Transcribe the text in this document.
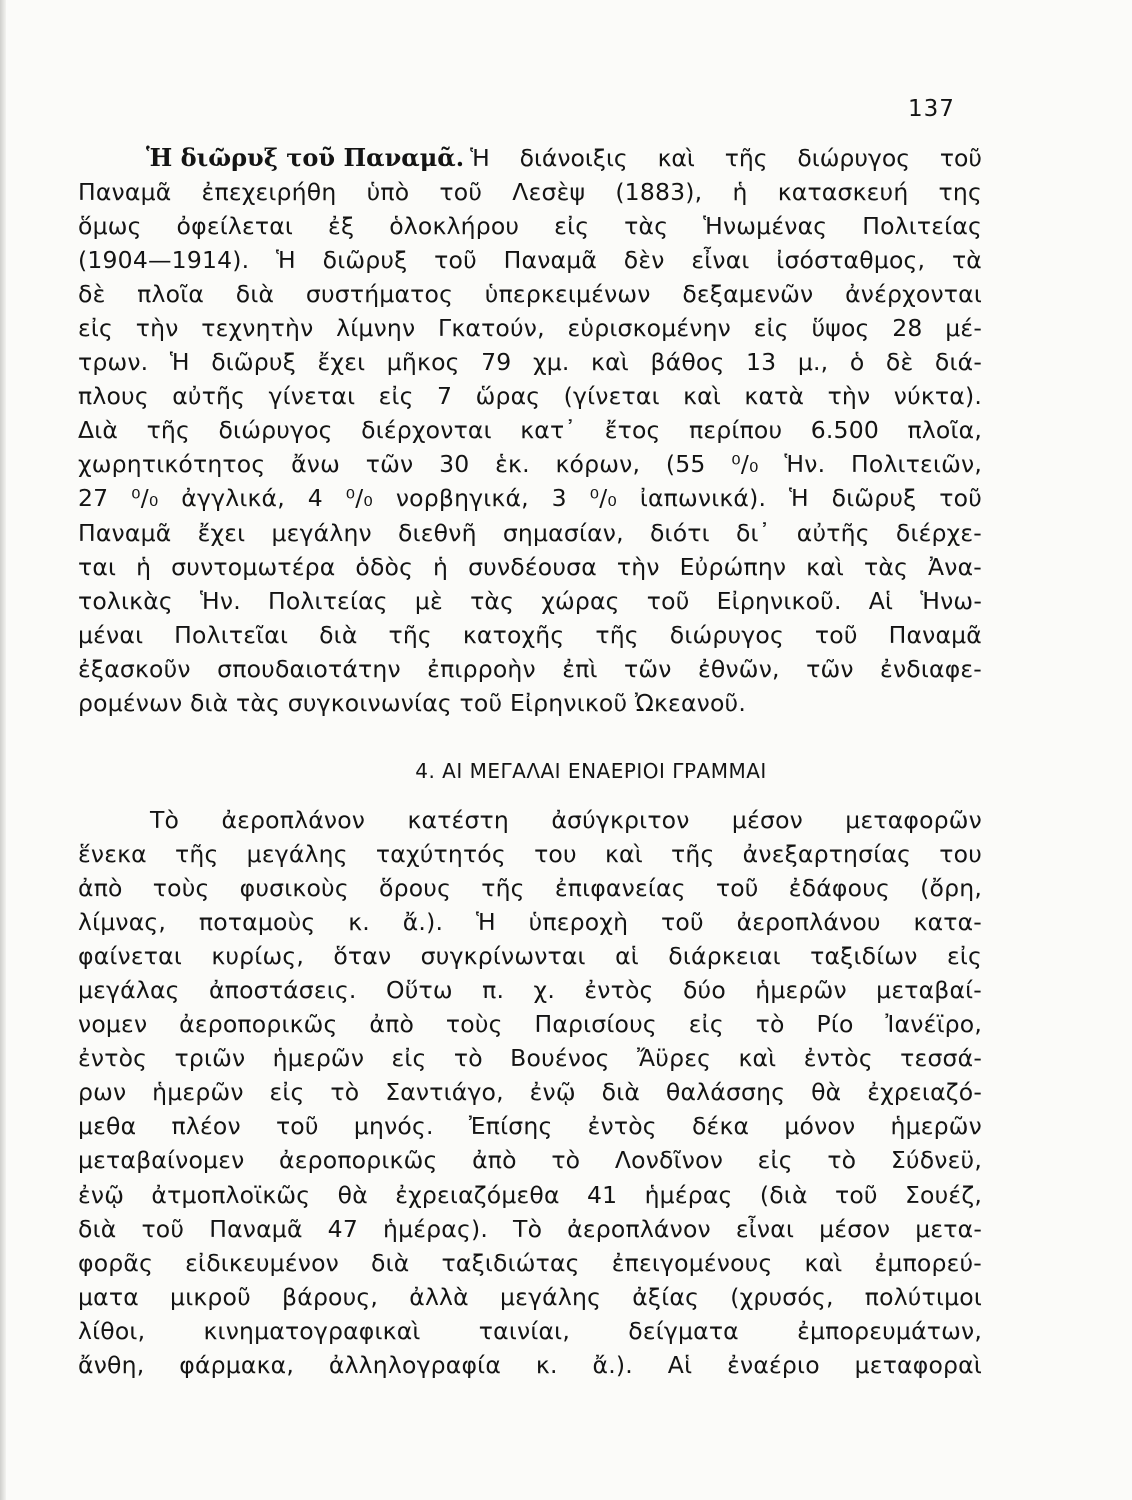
137
Ἡ διῶρυξ τοῦ Παναμᾶ. Ἡ διάνοιξις καὶ τῆς διώρυγος τοῦ
Παναμᾶ ἐπεχειρήθη ὑπὸ τοῦ Λεσὲψ (1883), ἡ κατασκευή της
ὅμως ὀφείλεται ἐξ ὁλοκλήρου εἰς τὰς Ἡνωμένας Πολιτείας
(1904—1914). Ἡ διῶρυξ τοῦ Παναμᾶ δὲν εἶναι ἰσόσταθμος, τὰ
δὲ πλοῖα διὰ συστήματος ὑπερκειμένων δεξαμενῶν ἀνέρχονται
εἰς τὴν τεχνητὴν λίμνην Γκατούν, εὑρισκομένην εἰς ὕψος 28 μέ-
τρων. Ἡ διῶρυξ ἔχει μῆκος 79 χμ. καὶ βάθος 13 μ., ὁ δὲ διά-
πλους αὐτῆς γίνεται εἰς 7 ὥρας (γίνεται καὶ κατὰ τὴν νύκτα).
Διὰ τῆς διώρυγος διέρχονται κατ᾽ ἔτος περίπου 6.500 πλοῖα,
χωρητικότητος ἄνω τῶν 30 ἑκ. κόρων, (55 ⁰/₀ Ἡν. Πολιτειῶν,
27 ⁰/₀ ἀγγλικά, 4 ⁰/₀ νορβηγικά, 3 ⁰/₀ ἰαπωνικά). Ἡ διῶρυξ τοῦ
Παναμᾶ ἔχει μεγάλην διεθνῆ σημασίαν, διότι δι᾽ αὐτῆς διέρχε-
ται ἡ συντομωτέρα ὁδὸς ἡ συνδέουσα τὴν Εὐρώπην καὶ τὰς Ἀνα-
τολικὰς Ἡν. Πολιτείας μὲ τὰς χώρας τοῦ Εἰρηνικοῦ. Αἱ Ἡνω-
μέναι Πολιτεῖαι διὰ τῆς κατοχῆς τῆς διώρυγος τοῦ Παναμᾶ
ἐξασκοῦν σπουδαιοτάτην ἐπιρροὴν ἐπὶ τῶν ἐθνῶν, τῶν ἐνδιαφε-
ρομένων διὰ τὰς συγκοινωνίας τοῦ Εἰρηνικοῦ Ὠκεανοῦ.
4. ΑΙ ΜΕΓΑΛΑΙ ΕΝΑΕΡΙΟΙ ΓΡΑΜΜΑΙ
Τὸ ἀεροπλάνον κατέστη ἀσύγκριτον μέσον μεταφορῶν
ἕνεκα τῆς μεγάλης ταχύτητός του καὶ τῆς ἀνεξαρτησίας του
ἀπὸ τοὺς φυσικοὺς ὅρους τῆς ἐπιφανείας τοῦ ἐδάφους (ὄρη,
λίμνας, ποταμοὺς κ. ἄ.). Ἡ ὑπεροχὴ τοῦ ἀεροπλάνου κατα-
φαίνεται κυρίως, ὅταν συγκρίνωνται αἱ διάρκειαι ταξιδίων εἰς
μεγάλας ἀποστάσεις. Οὕτω π. χ. ἐντὸς δύο ἡμερῶν μεταβαί-
νομεν ἀεροπορικῶς ἀπὸ τοὺς Παρισίους εἰς τὸ Ρίο Ἰανέϊρο,
ἐντὸς τριῶν ἡμερῶν εἰς τὸ Βουένος Ἄϋρες καὶ ἐντὸς τεσσά-
ρων ἡμερῶν εἰς τὸ Σαντιάγο, ἐνῷ διὰ θαλάσσης θὰ ἐχρειαζό-
μεθα πλέον τοῦ μηνός. Ἐπίσης ἐντὸς δέκα μόνον ἡμερῶν
μεταβαίνομεν ἀεροπορικῶς ἀπὸ τὸ Λονδῖνον εἰς τὸ Σύδνεϋ,
ἐνῷ ἀτμοπλοϊκῶς θὰ ἐχρειαζόμεθα 41 ἡμέρας (διὰ τοῦ Σουέζ,
διὰ τοῦ Παναμᾶ 47 ἡμέρας). Τὸ ἀεροπλάνον εἶναι μέσον μετα-
φορᾶς εἰδικευμένον διὰ ταξιδιώτας ἐπειγομένους καὶ ἐμπορεύ-
ματα μικροῦ βάρους, ἀλλὰ μεγάλης ἀξίας (χρυσός, πολύτιμοι
λίθοι, κινηματογραφικαὶ ταινίαι, δείγματα ἐμπορευμάτων,
ἄνθη, φάρμακα, ἀλληλογραφία κ. ἄ.). Αἱ ἐναέριο μεταφοραὶ
